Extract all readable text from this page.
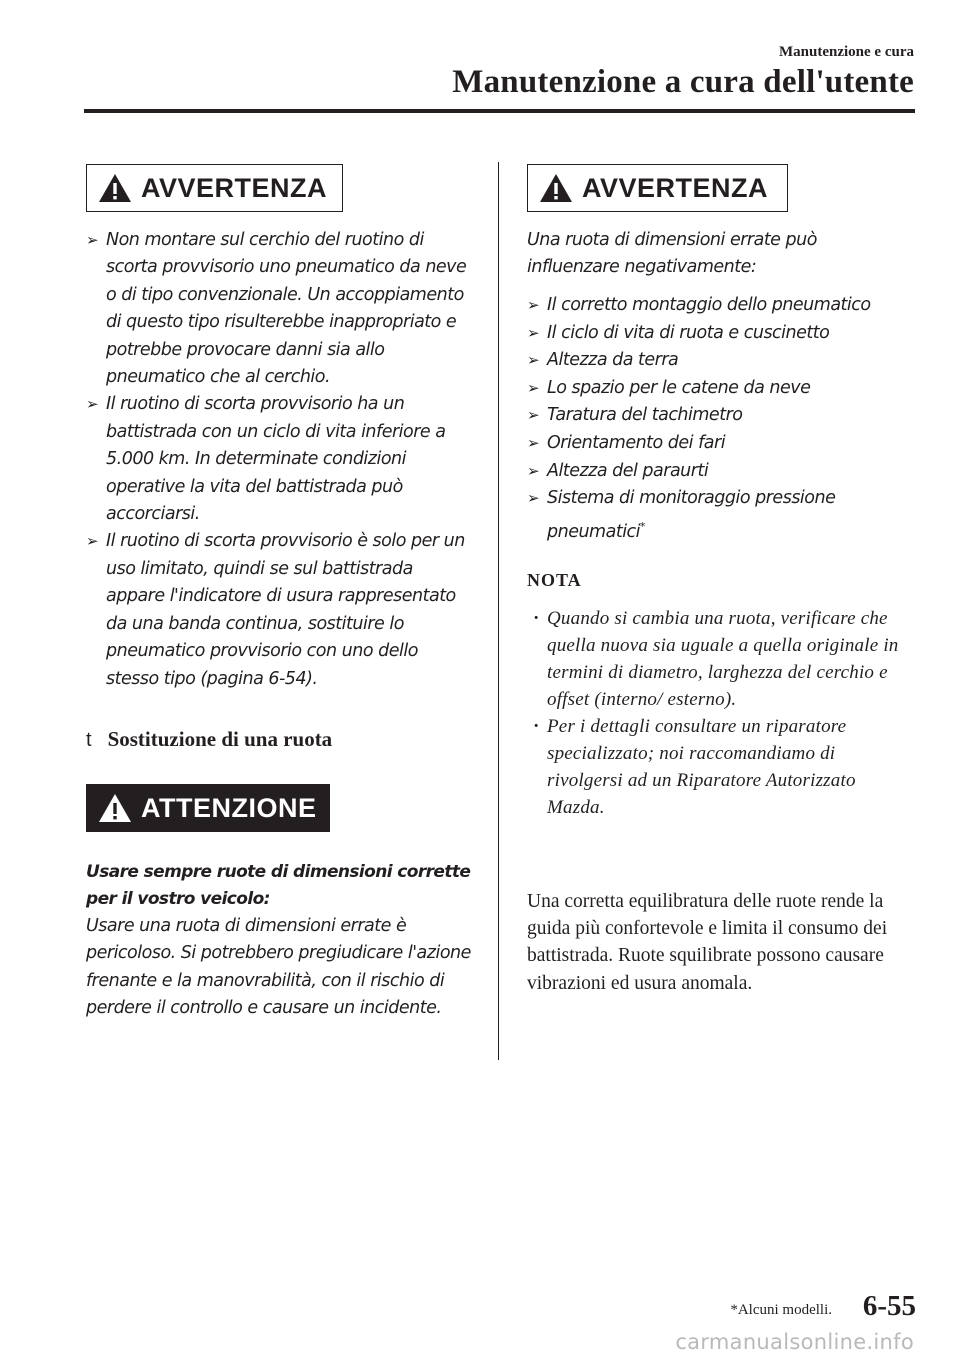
Manutenzione e cura
Manutenzione a cura dell'utente
AVVERTENZA
➢ Non montare sul cerchio del ruotino di scorta provvisorio uno pneumatico da neve o di tipo convenzionale. Un accoppiamento di questo tipo risulterebbe inappropriato e potrebbe provocare danni sia allo pneumatico che al cerchio.
➢ Il ruotino di scorta provvisorio ha un battistrada con un ciclo di vita inferiore a 5.000 km. In determinate condizioni operative la vita del battistrada può accorciarsi.
➢ Il ruotino di scorta provvisorio è solo per un uso limitato, quindi se sul battistrada appare l'indicatore di usura rappresentato da una banda continua, sostituire lo pneumatico provvisorio con uno dello stesso tipo (pagina 6-54).
t Sostituzione di una ruota
ATTENZIONE
Usare sempre ruote di dimensioni corrette per il vostro veicolo:
Usare una ruota di dimensioni errate è pericoloso. Si potrebbero pregiudicare l'azione frenante e la manovrabilità, con il rischio di perdere il controllo e causare un incidente.
AVVERTENZA
Una ruota di dimensioni errate può influenzare negativamente:
➢ Il corretto montaggio dello pneumatico
➢ Il ciclo di vita di ruota e cuscinetto
➢ Altezza da terra
➢ Lo spazio per le catene da neve
➢ Taratura del tachimetro
➢ Orientamento dei fari
➢ Altezza del paraurti
➢ Sistema di monitoraggio pressione pneumatici*
NOTA
· Quando si cambia una ruota, verificare che quella nuova sia uguale a quella originale in termini di diametro, larghezza del cerchio e offset (interno/ esterno).
· Per i dettagli consultare un riparatore specializzato; noi raccomandiamo di rivolgersi ad un Riparatore Autorizzato Mazda.
Una corretta equilibratura delle ruote rende la guida più confortevole e limita il consumo dei battistrada. Ruote squilibrate possono causare vibrazioni ed usura anomala.
*Alcuni modelli. 6-55
carmanualsonline.info
